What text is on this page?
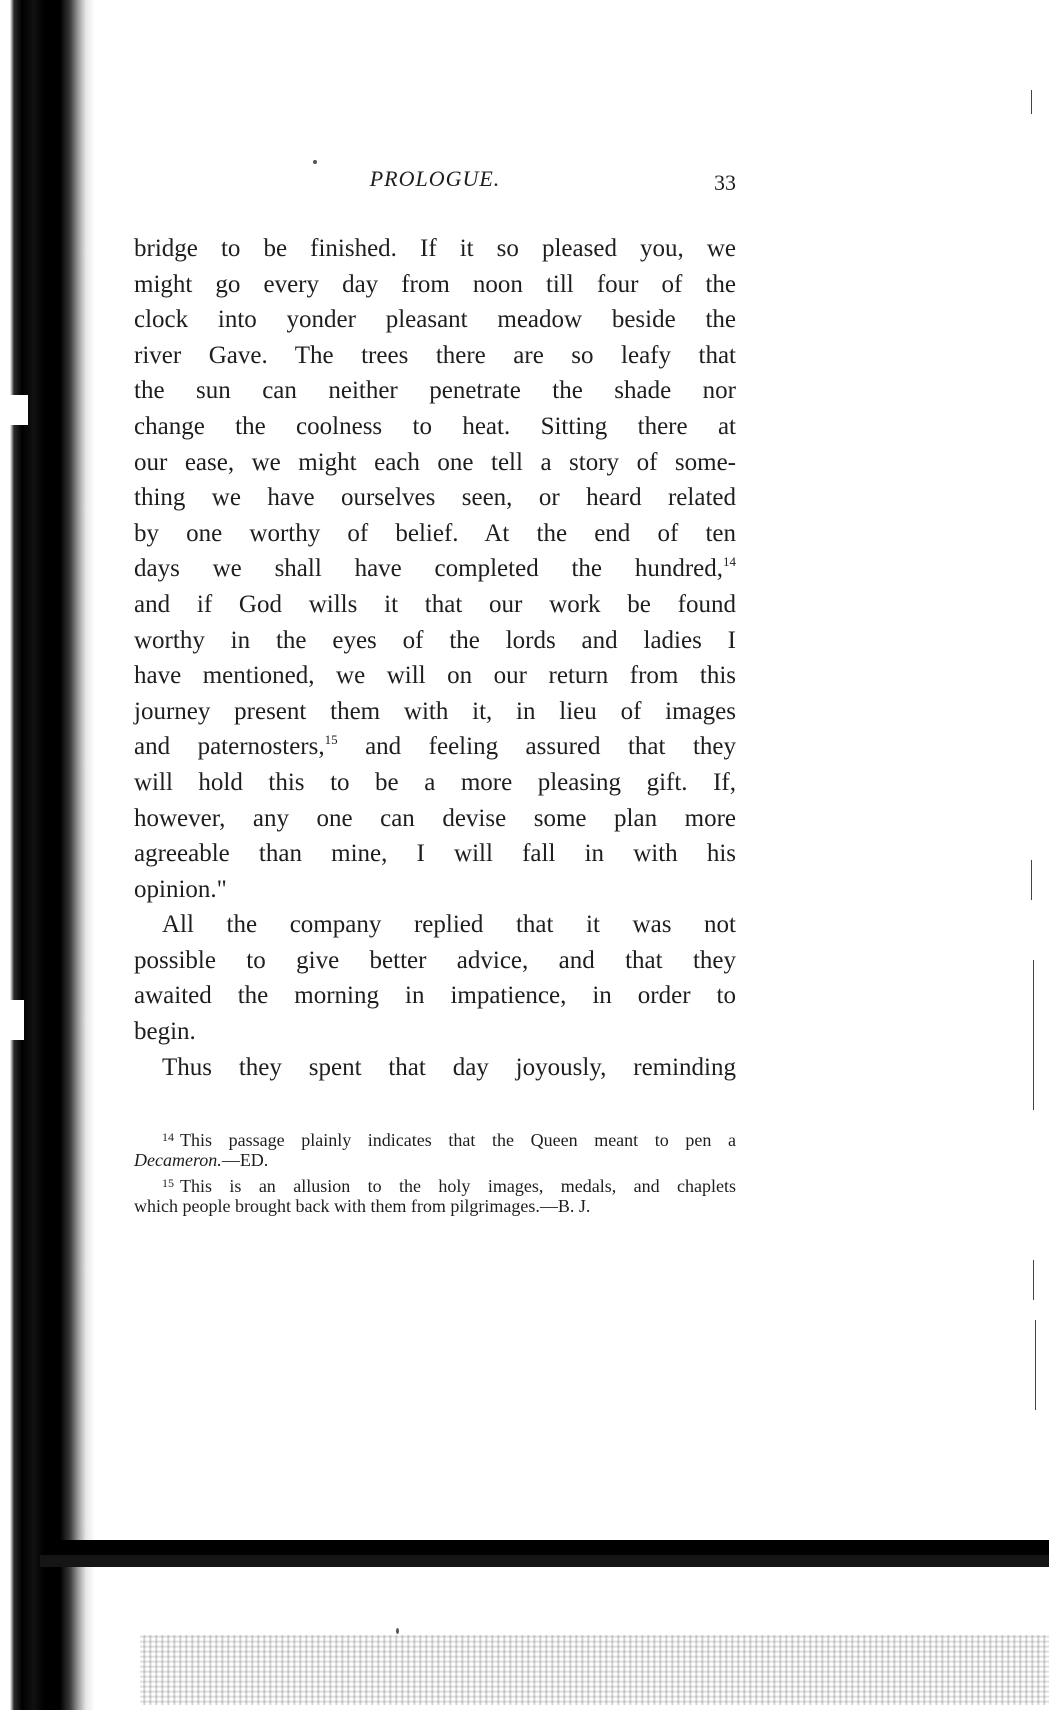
PROLOGUE.	33
bridge to be finished. If it so pleased you, we
might go every day from noon till four of the
clock into yonder pleasant meadow beside the
river Gave. The trees there are so leafy that
the sun can neither penetrate the shade nor
change the coolness to heat. Sitting there at
our ease, we might each one tell a story of some-
thing we have ourselves seen, or heard related
by one worthy of belief. At the end of ten
days we shall have completed the hundred,$^{14}$
and if God wills it that our work be found
worthy in the eyes of the lords and ladies I
have mentioned, we will on our return from this
journey present them with it, in lieu of images
and paternosters,$^{15}$ and feeling assured that they
will hold this to be a more pleasing gift. If,
however, any one can devise some plan more
agreeable than mine, I will fall in with his
opinion."
All the company replied that it was not
possible to give better advice, and that they
awaited the morning in impatience, in order to
begin.
Thus they spent that day joyously, reminding
$^{14}$ This passage plainly indicates that the Queen meant to pen a
Decameron.—ED.
$^{15}$ This is an allusion to the holy images, medals, and chaplets
which people brought back with them from pilgrimages.—B. J.
